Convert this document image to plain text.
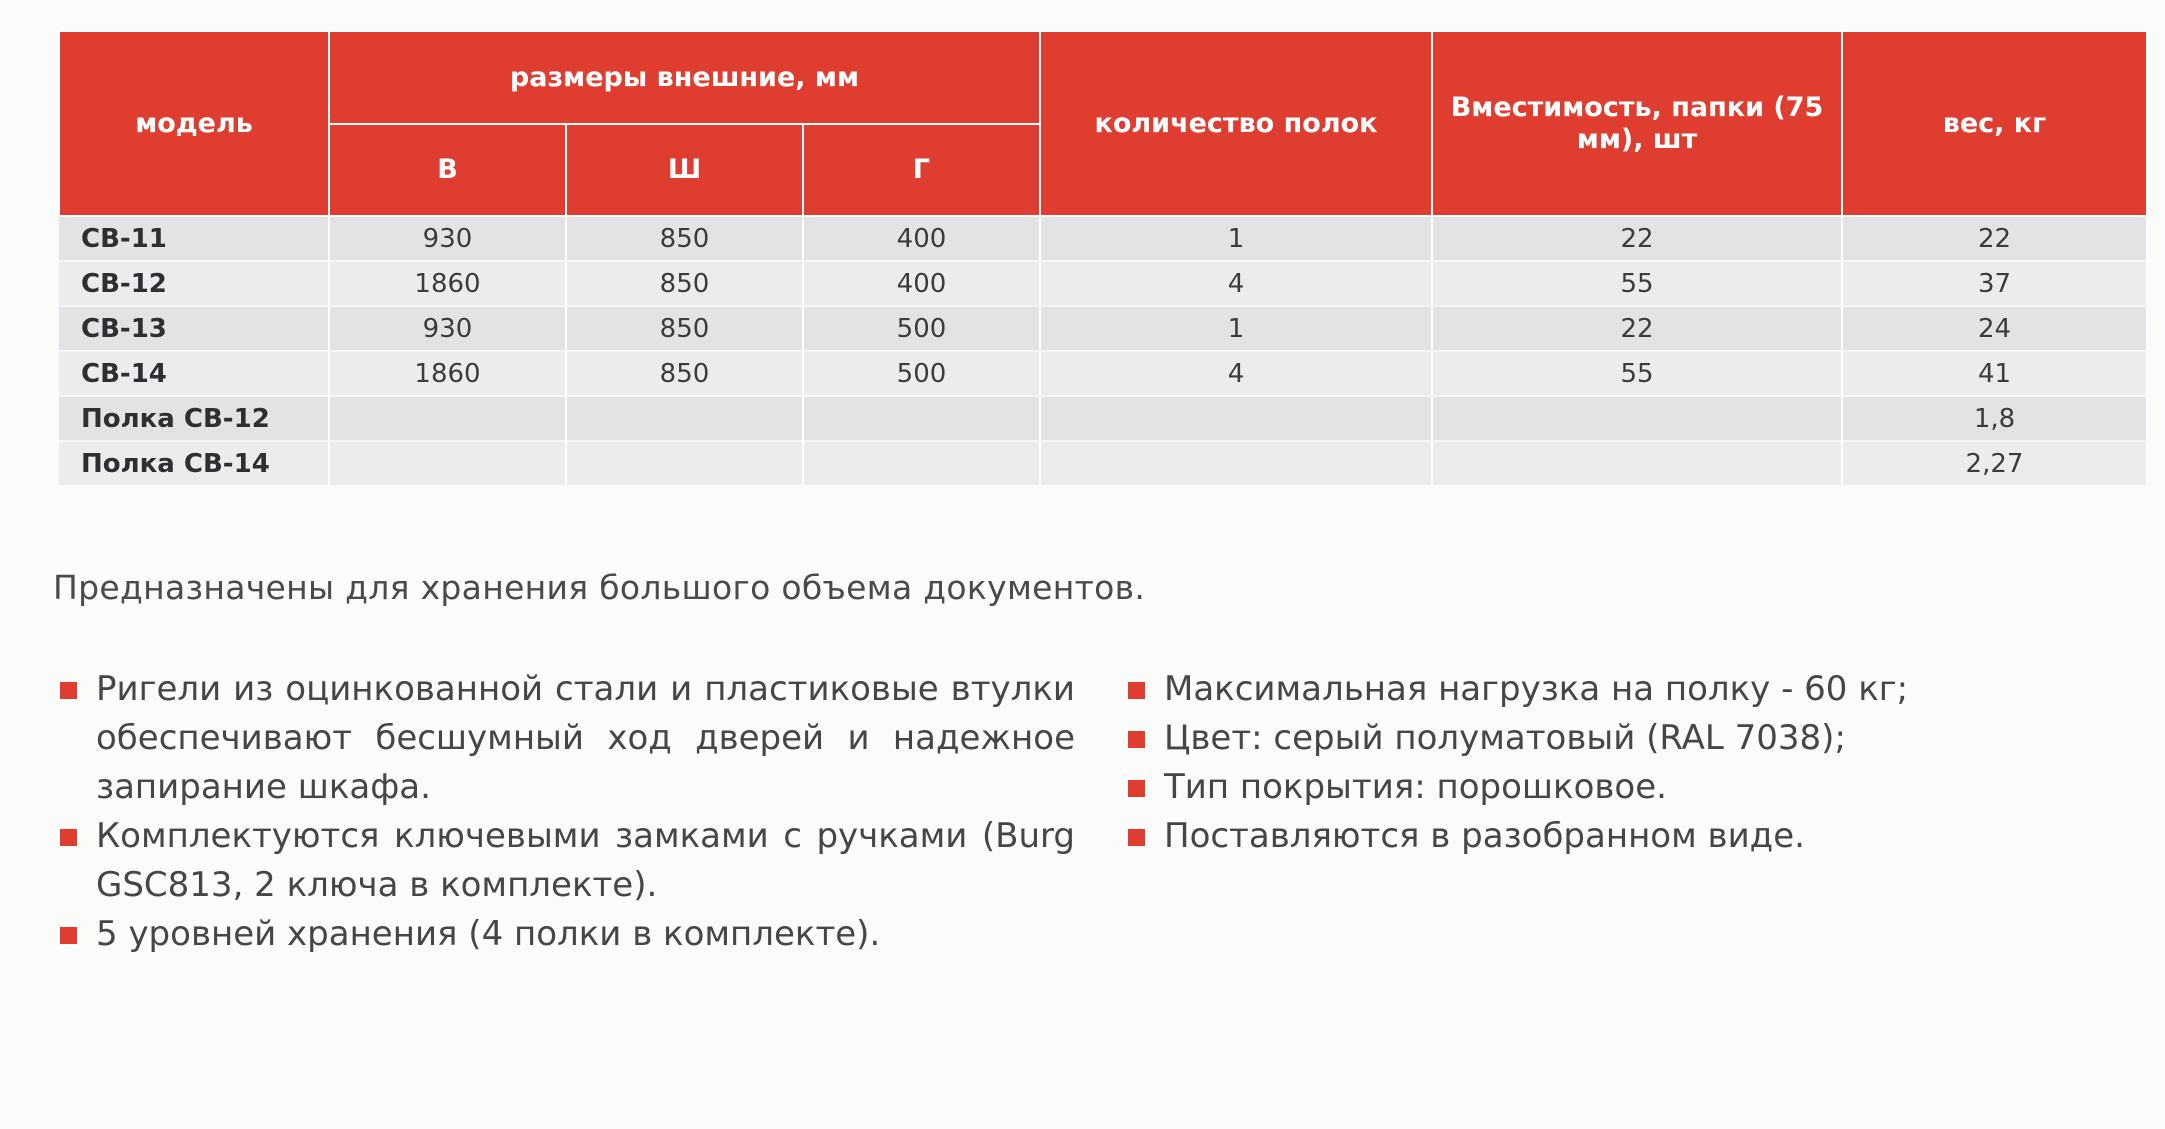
модель	размеры внешние, мм			количество полок	Вместимость, папки (75 мм), шт	вес, кг
	В	Ш	Г			
СВ-11	930	850	400	1	22	22
СВ-12	1860	850	400	4	55	37
СВ-13	930	850	500	1	22	24
СВ-14	1860	850	500	4	55	41
Полка СВ-12						1,8
Полка СВ-14						2,27

Предназначены для хранения большого объема документов.

Ригели из оцинкованной стали и пластиковые втулки обеспечивают бесшумный ход дверей и надежное запирание шкафа.
Комплектуются ключевыми замками с ручками (Burg GSC813, 2 ключа в комплекте).
5 уровней хранения (4 полки в комплекте).
Максимальная нагрузка на полку - 60 кг;
Цвет: серый полуматовый (RAL 7038);
Тип покрытия: порошковое.
Поставляются в разобранном виде.
